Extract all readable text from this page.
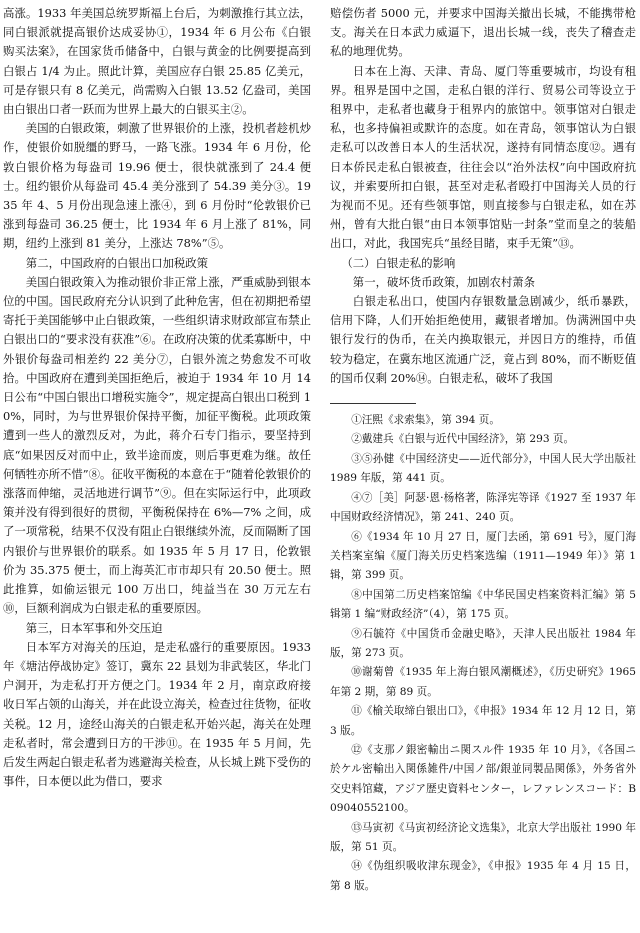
高涨。1933 年美国总统罗斯福上台后，为刺激推行其立法，同白银派就提高银价达成妥协①，1934 年 6 月公布《白银购买法案》，在国家货币储备中，白银与黄金的比例要提高到白银占 1/4 为止。照此计算，美国应存白银 25.85 亿美元，可是存银只有 8 亿美元，尚需购入白银 13.52 亿盎司，美国由白银出口者一跃而为世界上最大的白银买主②。

美国的白银政策，刺激了世界银价的上涨，投机者趁机炒作，使银价如脱缰的野马，一路飞涨。1934 年 6 月份，伦敦白银价格为每盎司 19.96 便士，很快就涨到了 24.4 便士。纽约银价从每盎司 45.4 美分涨到了 54.39 美分③。1935 年 4、5 月份出现急速上涨④，到 6 月份时“伦敦银价已涨到每盎司 36.25 便士，比 1934 年 6 月上涨了 81%，同期，纽约上涨到 81 美分，上涨达 78%”⑤。

第二，中国政府的白银出口加税政策

美国白银政策入为推动银价非正常上涨，严重威胁到银本位的中国。国民政府充分认识到了此种危害，但在初期把希望寄托于美国能够中止白银政策，一些组织请求财政部宣布禁止白银出口的“要求没有获准”⑥。在政府决策的优柔寡断中，中外银价每盎司相差约 22 美分⑦，白银外流之势愈发不可收拾。中国政府在遭到美国拒绝后，被迫于 1934 年 10 月 14 日公布“中国白银出口增税实施令”，规定提高白银出口税到 10%，同时，为与世界银价保持平衡，加征平衡税。此项政策遭到一些人的激烈反对，为此，蒋介石专门指示，要坚持到底“如果因反对而中止，致半途而废，则后事更难为继。故任何牺牲亦所不惜”⑧。征收平衡税的本意在于“随着伦敦银价的涨落而伸缩，灵活地进行调节”⑨。但在实际运行中，此项政策并没有得到很好的贯彻，平衡税保持在 6%—7% 之间，成了一项常税，结果不仅没有阻止白银继续外流，反而隔断了国内银价与世界银价的联系。如 1935 年 5 月 17 日，伦敦银价为 35.375 便士，而上海英汇市市却只有 20.50 便士。照此推算，如偷运银元 100 万出口，纯益当在 30 万元左右⑩，巨额利润成为白银走私的重要原因。

第三，日本军事和外交压迫

日本军方对海关的压迫，是走私盛行的重要原因。1933 年《塘沽停战协定》签订，冀东 22 县划为非武装区，华北门户洞开，为走私打开方便之门。1934 年 2 月，南京政府接收日军占领的山海关，并在此设立海关，检查过往货物，征收关税。12 月，途经山海关的白银走私开始兴起，海关在处理走私者时，常会遭到日方的干涉⑪。在 1935 年 5 月间，先后发生两起白银走私者为逃避海关检查，从长城上跳下受伤的事件，日本便以此为借口，要求

赔偿伤者 5000 元，并要求中国海关撤出长城，不能携带枪支。海关在日本武力威逼下，退出长城一线，丧失了稽查走私的地理优势。

日本在上海、天津、青岛、厦门等重要城市，均设有租界。租界是国中之国，走私白银的洋行、贸易公司等设立于租界中，走私者也藏身于租界内的旅馆中。领事馆对白银走私，也多持偏袒或默许的态度。如在青岛，领事馆认为白银走私可以改善日本人的生活状况，遂持有同情态度⑫。遇有日本侨民走私白银被查，往往会以“治外法权”向中国政府抗议，并索要所扣白银，甚至对走私者殴打中国海关人员的行为视而不见。还有些领事馆，则直接参与白银走私，如在苏州，曾有大批白银“由日本领事馆贴一封条”堂而皇之的装船出口，对此，我国宪兵“虽经目睹，束手无策”⑬。

（二）白银走私的影响
第一，破坏货币政策，加剧农村萧条

白银走私出口，使国内存银数量急剧减少，纸币暴跌，信用下降，人们开始拒绝使用，藏银者增加。伪满洲国中央银行发行的伪币，在关内换取银元，并因日方的维持，币值较为稳定，在冀东地区流通广泛，竟占到 80%，而不断贬值的国币仅剩 20%⑭。白银走私，破坏了我国

①汪熙《求索集》，第 394 页。

②戴建兵《白银与近代中国经济》，第 293 页。

③⑤孙健《中国经济史——近代部分》，中国人民大学出版社 1989 年版，第 441 页。

④⑦［美］阿瑟·恩·杨格著，陈泽宪等译《1927 至 1937 年中国财政经济情况》，第 241、240 页。

⑥《1934 年 10 月 27 日，厦门去函，第 691 号》，厦门海关档案室编《厦门海关历史档案选编（1911—1949 年）》第 1 辑，第 399 页。

⑧中国第二历史档案馆编《中华民国史档案资料汇编》第 5 辑第 1 编“财政经济”（4），第 175 页。

⑨石毓符《中国货币金融史略》，天津人民出版社 1984 年版，第 273 页。

⑩谢菊曾《1935 年上海白银风潮概述》，《历史研究》1965 年第 2 期，第 89 页。

⑪《榆关取缔白银出口》，《申报》1934 年 12 月 12 日，第 3 版。

⑫《支那ノ銀密輸出ニ関スル件 1935 年 10 月》，《各国ニ於ケル密輸出入関係雑件/中国ノ部/銀並同製品関係》，外务省外交史料馆藏，アジア歴史資料センター，レファレンスコード：B09040552100。

⑬马寅初《马寅初经济论文选集》，北京大学出版社 1990 年版，第 51 页。

⑭《伪组织吸收津东现金》，《申报》1935 年 4 月 15 日，第 8 版。
